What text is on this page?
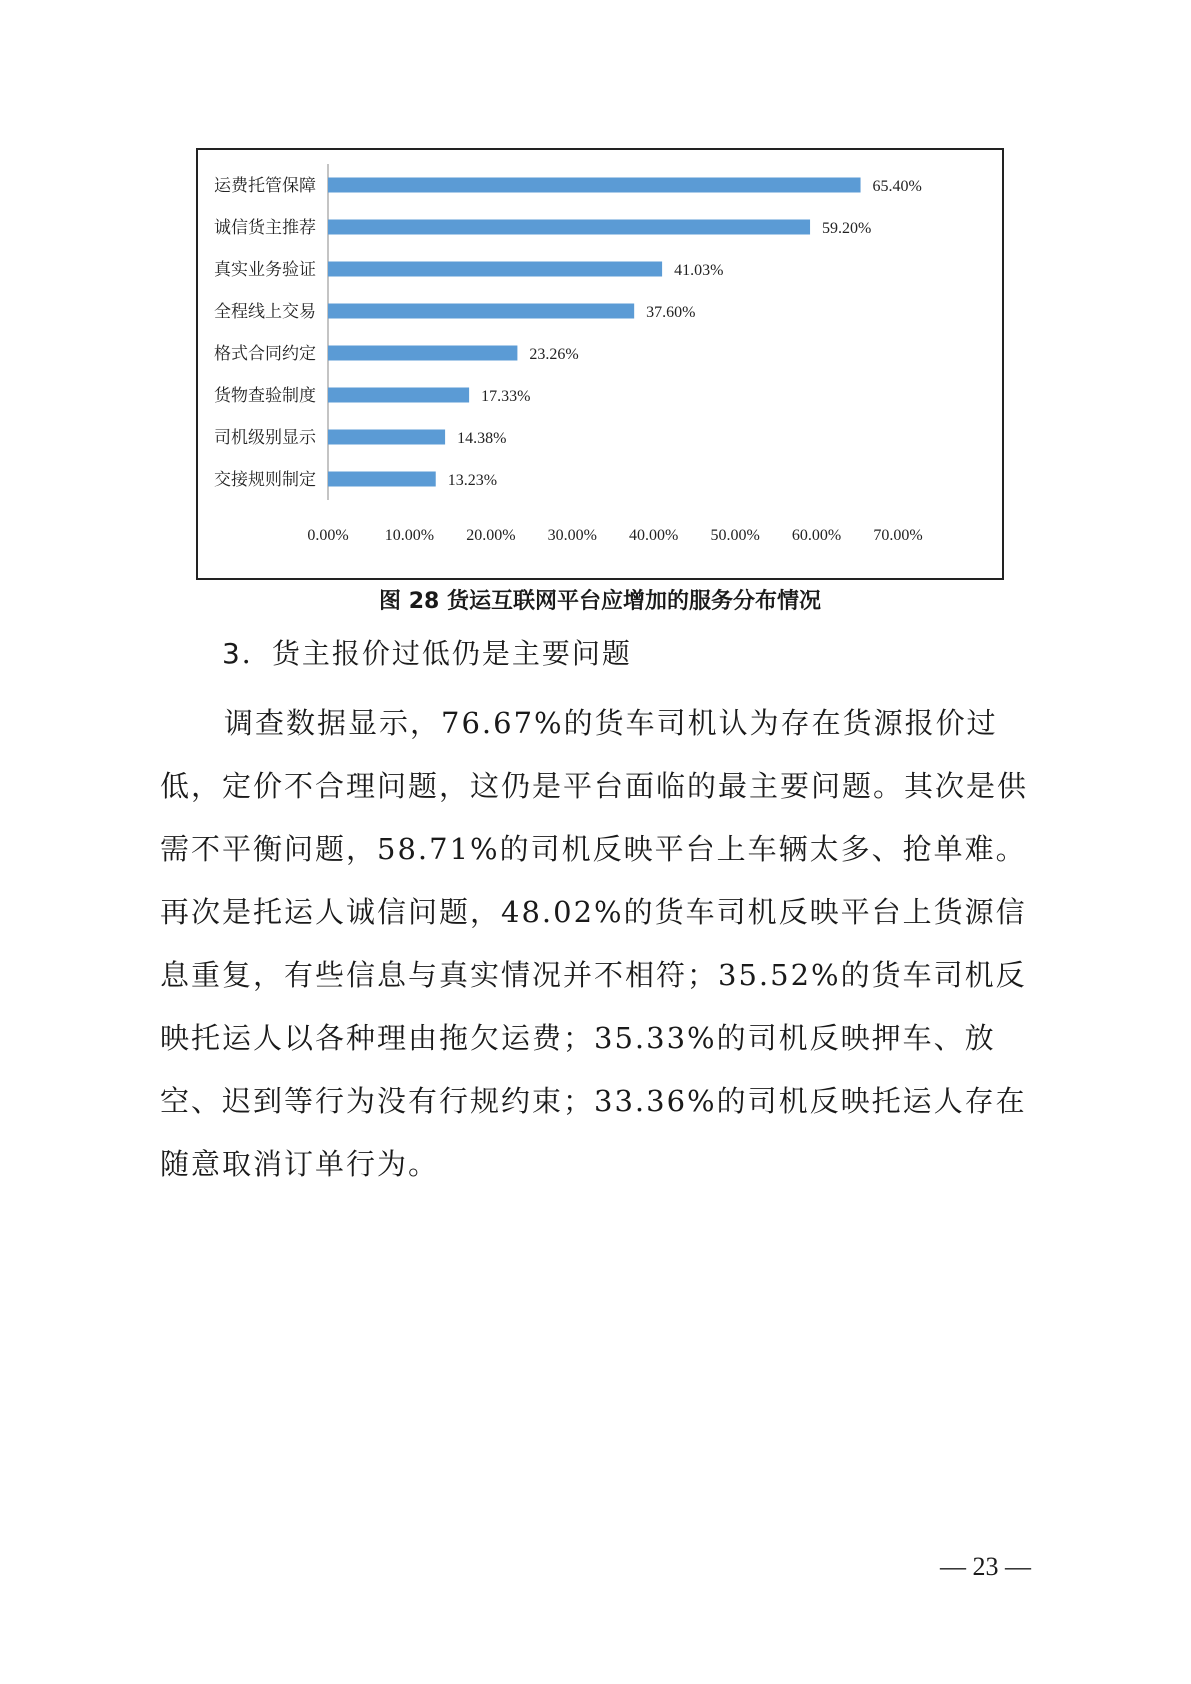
运费托管保障	65.40%
诚信货主推荐	59.20%
真实业务验证	41.03%
全程线上交易	37.60%
格式合同约定	23.26%
货物查验制度	17.33%
司机级别显示	14.38%
交接规则制定	13.23%
0.00% 10.00% 20.00% 30.00% 40.00% 50.00% 60.00% 70.00%
图 28 货运互联网平台应增加的服务分布情况
3．货主报价过低仍是主要问题

调查数据显示，76.67%的货车司机认为存在货源报价过低，定价不合理问题，这仍是平台面临的最主要问题。其次是供需不平衡问题，58.71%的司机反映平台上车辆太多、抢单难。再次是托运人诚信问题，48.02%的货车司机反映平台上货源信息重复，有些信息与真实情况并不相符；35.52%的货车司机反映托运人以各种理由拖欠运费；35.33%的司机反映押车、放空、迟到等行为没有行规约束；33.36%的司机反映托运人存在随意取消订单行为。

— 23 —
